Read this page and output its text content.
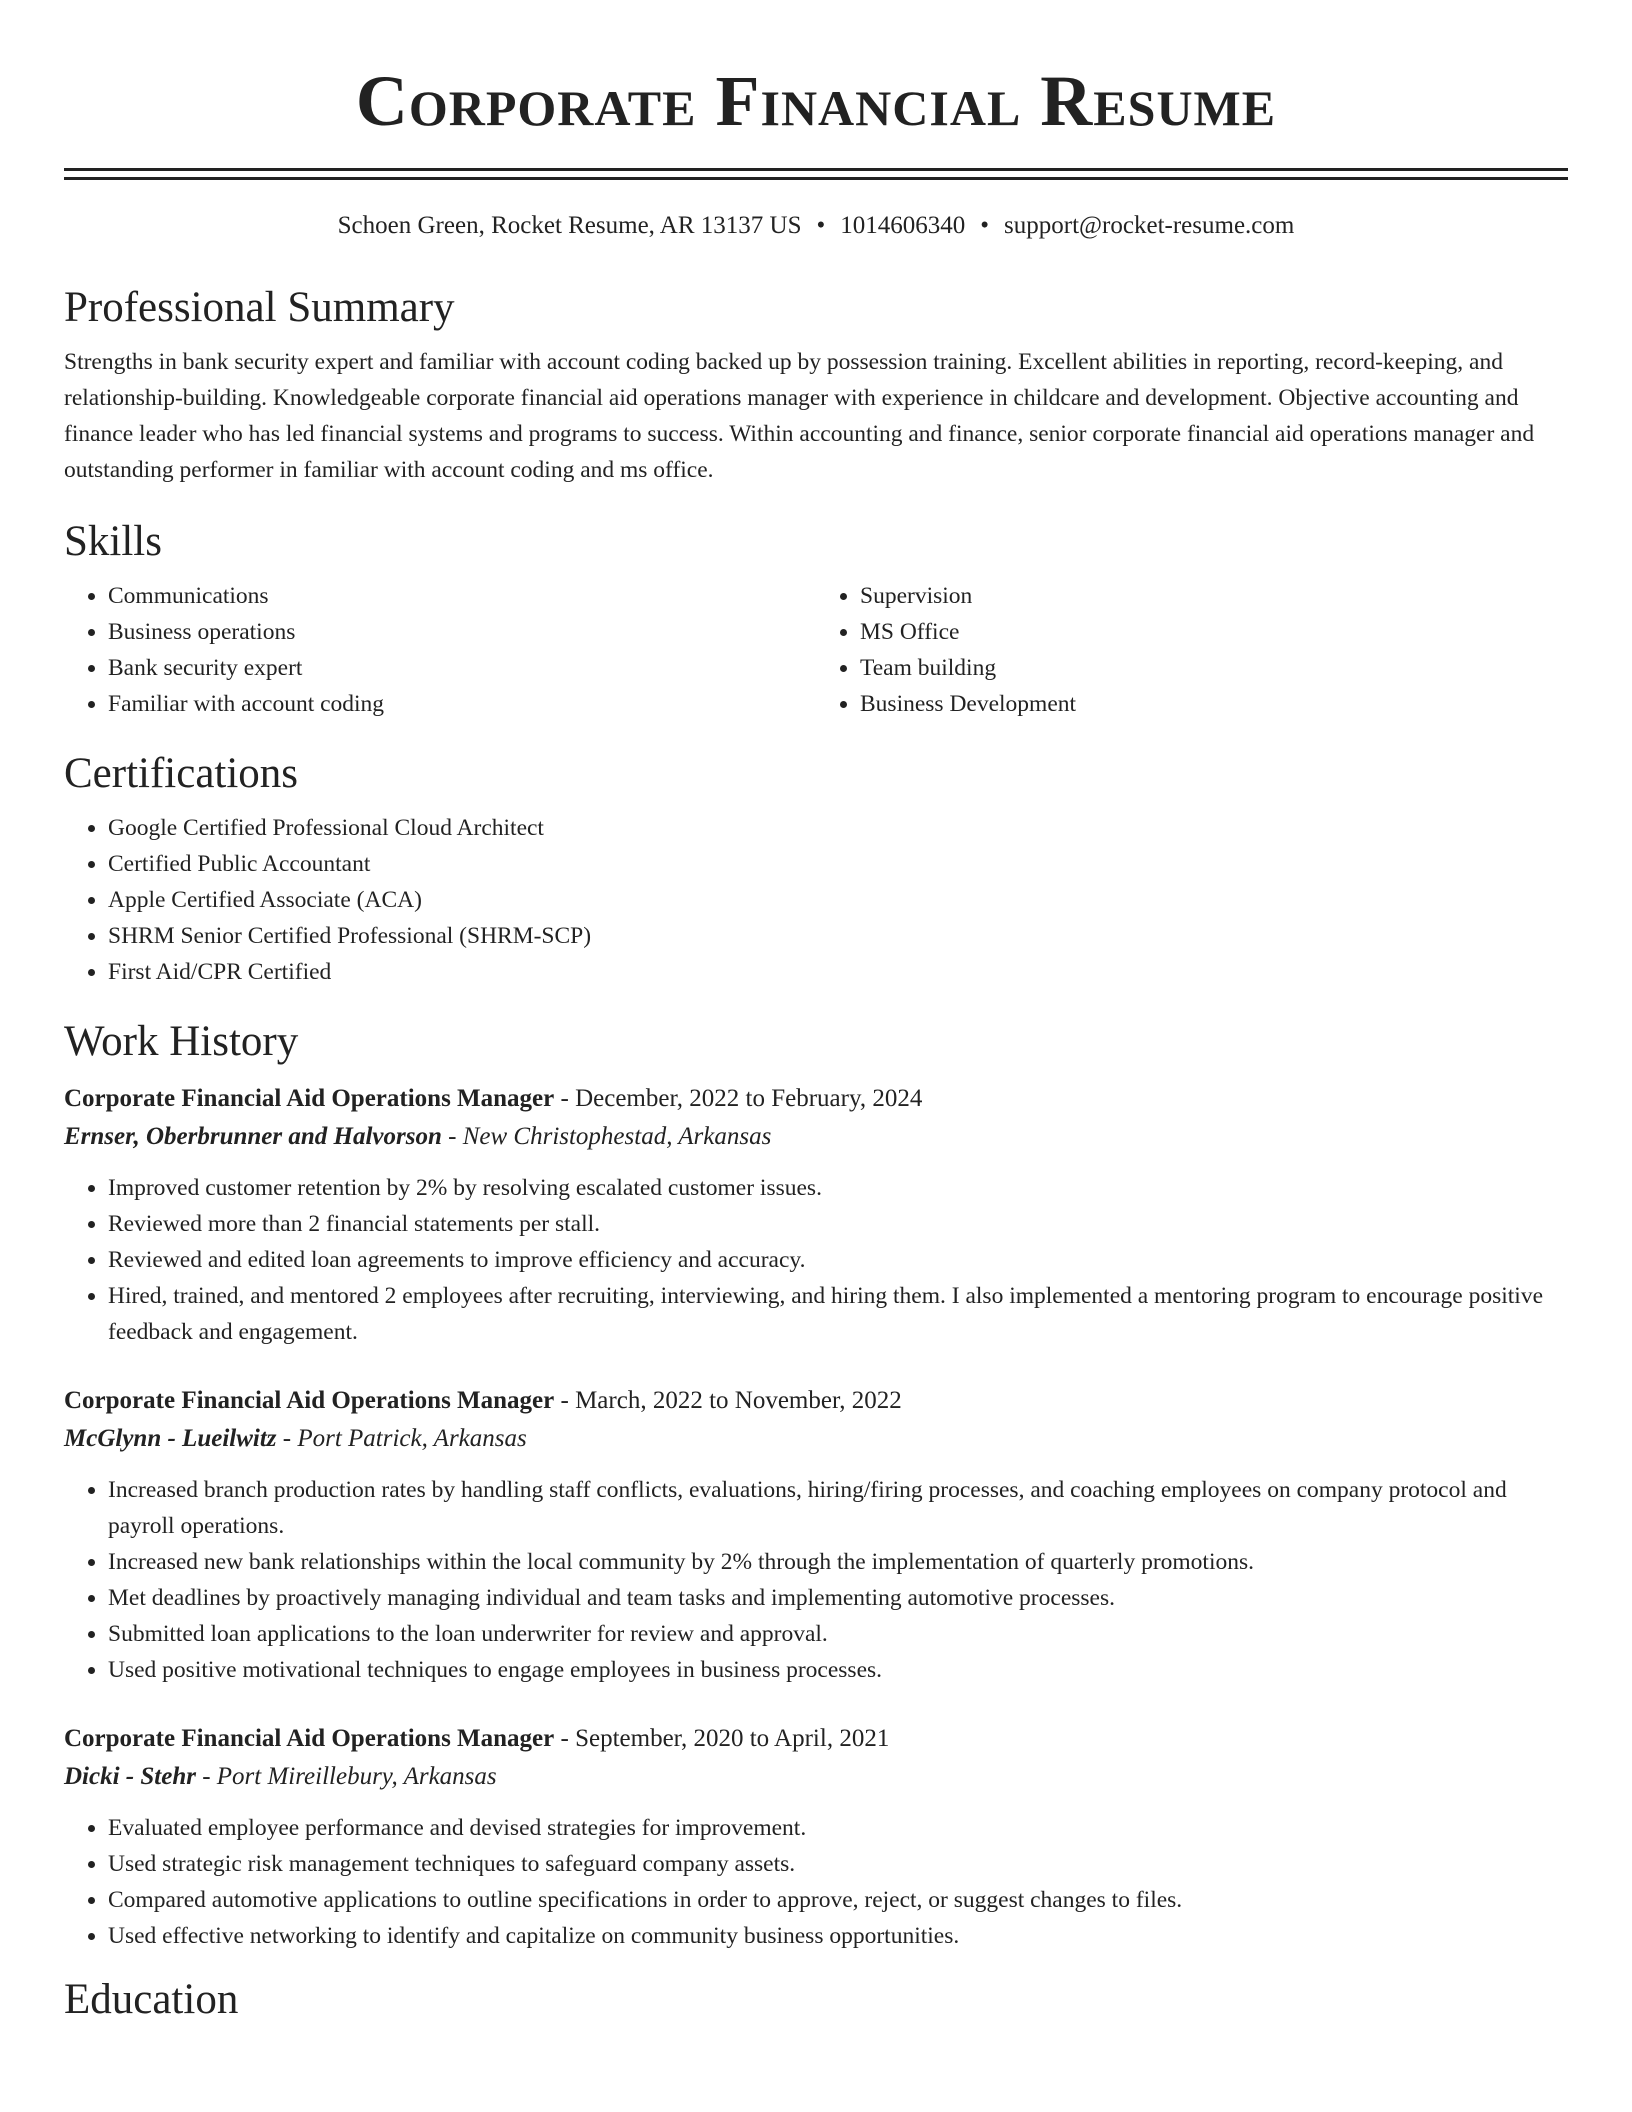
Corporate Financial Resume
Schoen Green, Rocket Resume, AR 13137 US • 1014606340 • support@rocket-resume.com
Professional Summary

Strengths in bank security expert and familiar with account coding backed up by possession training. Excellent abilities in reporting, record-keeping, and relationship-building. Knowledgeable corporate financial aid operations manager with experience in childcare and development. Objective accounting and finance leader who has led financial systems and programs to success. Within accounting and finance, senior corporate financial aid operations manager and outstanding performer in familiar with account coding and ms office.

Skills
• Communications
• Business operations
• Bank security expert
• Familiar with account coding
• Supervision
• MS Office
• Team building
• Business Development
Certifications
• Google Certified Professional Cloud Architect
• Certified Public Accountant
• Apple Certified Associate (ACA)
• SHRM Senior Certified Professional (SHRM-SCP)
• First Aid/CPR Certified
Work History
Corporate Financial Aid Operations Manager - December, 2022 to February, 2024
Ernser, Oberbrunner and Halvorson - New Christophestad, Arkansas
• Improved customer retention by 2% by resolving escalated customer issues.
• Reviewed more than 2 financial statements per stall.
• Reviewed and edited loan agreements to improve efficiency and accuracy.
• Hired, trained, and mentored 2 employees after recruiting, interviewing, and hiring them. I also implemented a mentoring program to encourage positive feedback and engagement.
Corporate Financial Aid Operations Manager - March, 2022 to November, 2022
McGlynn - Lueilwitz - Port Patrick, Arkansas
• Increased branch production rates by handling staff conflicts, evaluations, hiring/firing processes, and coaching employees on company protocol and payroll operations.
• Increased new bank relationships within the local community by 2% through the implementation of quarterly promotions.
• Met deadlines by proactively managing individual and team tasks and implementing automotive processes.
• Submitted loan applications to the loan underwriter for review and approval.
• Used positive motivational techniques to engage employees in business processes.
Corporate Financial Aid Operations Manager - September, 2020 to April, 2021
Dicki - Stehr - Port Mireillebury, Arkansas
• Evaluated employee performance and devised strategies for improvement.
• Used strategic risk management techniques to safeguard company assets.
• Compared automotive applications to outline specifications in order to approve, reject, or suggest changes to files.
• Used effective networking to identify and capitalize on community business opportunities.
Education
